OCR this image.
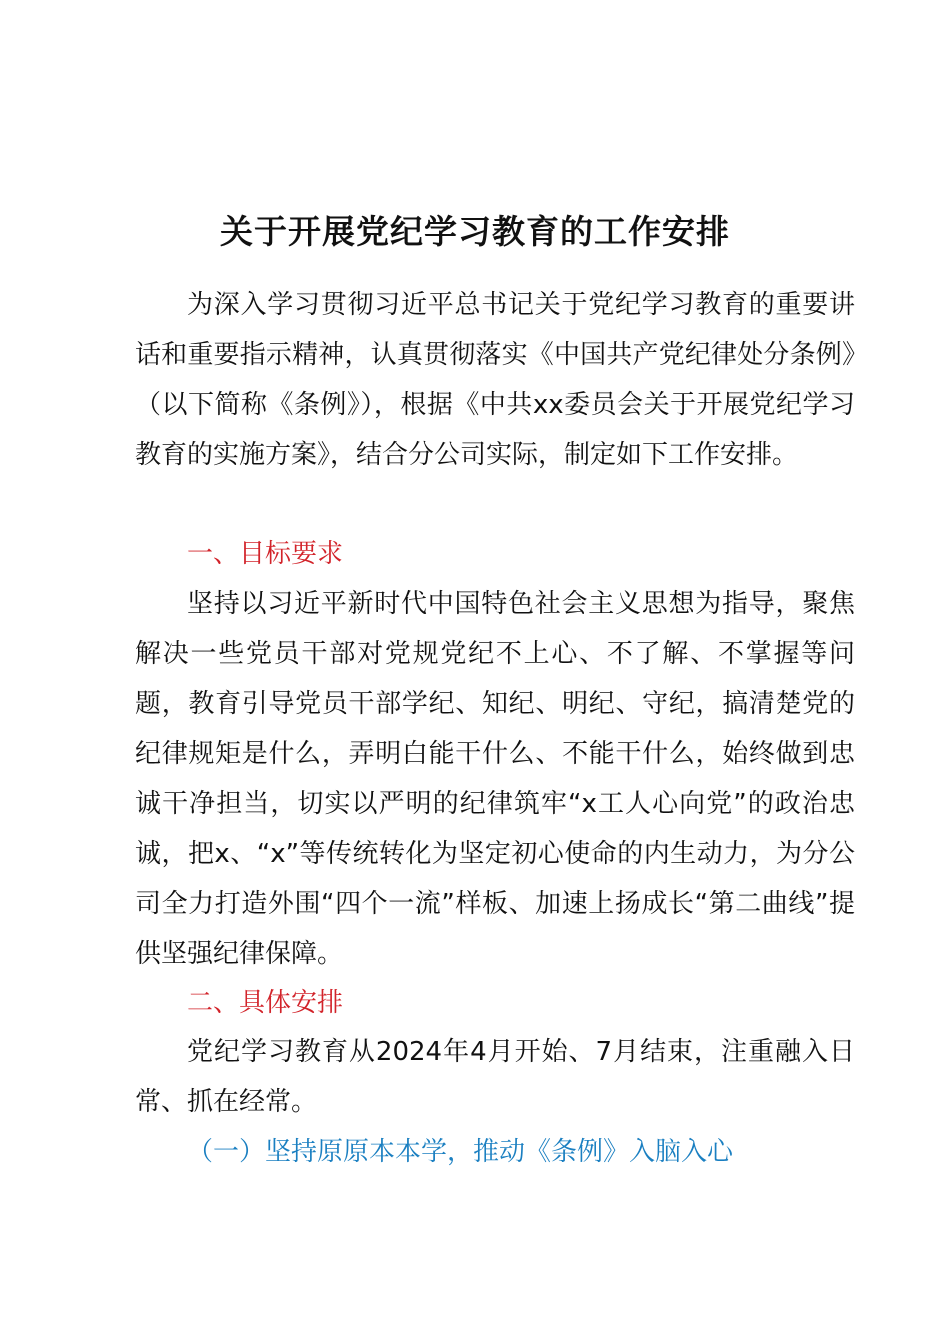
关于开展党纪学习教育的工作安排

为深入学习贯彻习近平总书记关于党纪学习教育的重要讲话和重要指示精神，认真贯彻落实《中国共产党纪律处分条例》（以下简称《条例》），根据《中共xx委员会关于开展党纪学习教育的实施方案》，结合分公司实际，制定如下工作安排。

一、目标要求

坚持以习近平新时代中国特色社会主义思想为指导，聚焦解决一些党员干部对党规党纪不上心、不了解、不掌握等问题，教育引导党员干部学纪、知纪、明纪、守纪，搞清楚党的纪律规矩是什么，弄明白能干什么、不能干什么，始终做到忠诚干净担当，切实以严明的纪律筑牢“x工人心向党”的政治忠诚，把x、“x”等传统转化为坚定初心使命的内生动力，为分公司全力打造外围“四个一流”样板、加速上扬成长“第二曲线”提供坚强纪律保障。

二、具体安排

党纪学习教育从2024年4月开始、7月结束，注重融入日常、抓在经常。

（一）坚持原原本本学，推动《条例》入脑入心
